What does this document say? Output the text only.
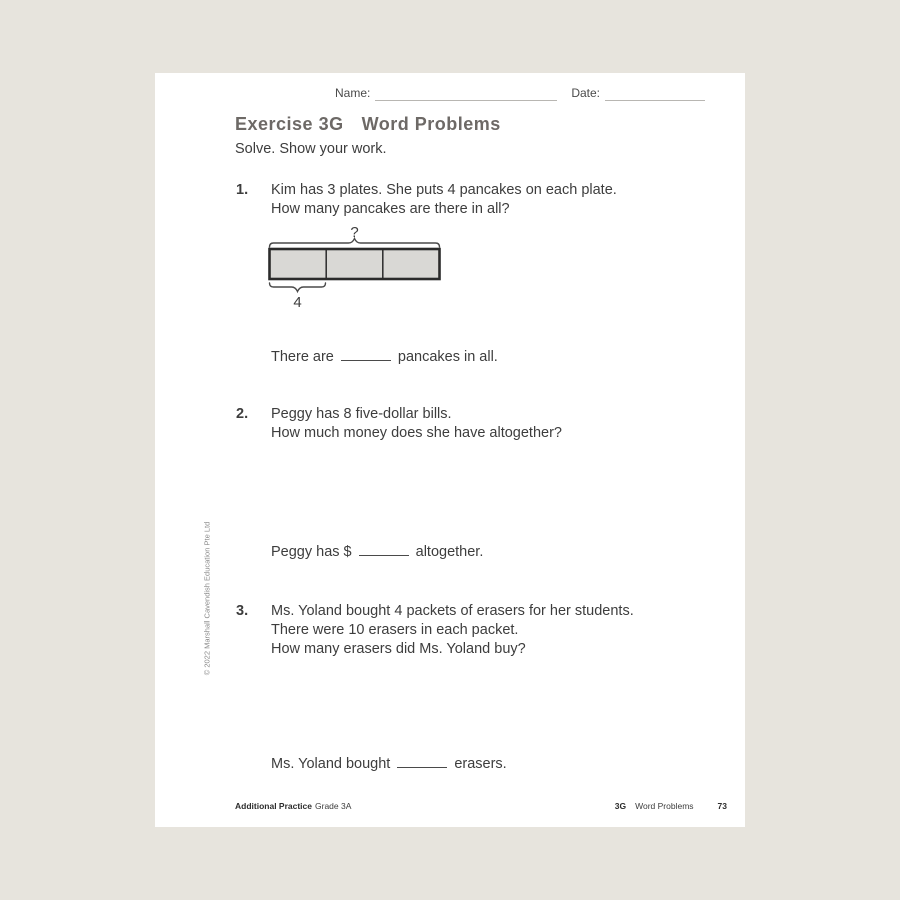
Name:	Date:
Exercise 3G Word Problems
Solve. Show your work.
1. Kim has 3 plates. She puts 4 pancakes on each plate.
How many pancakes are there in all?
?
4
There are	pancakes in all.
2. Peggy has 8 five-dollar bills.
How much money does she have altogether?
Peggy has $	altogether.
3. Ms. Yoland bought 4 packets of erasers for her students.
There were 10 erasers in each packet.
How many erasers did Ms. Yoland buy?
Ms. Yoland bought	erasers.
Additional Practice Grade 3A	3G Word Problems	73
© 2022 Marshall Cavendish Education Pte Ltd
